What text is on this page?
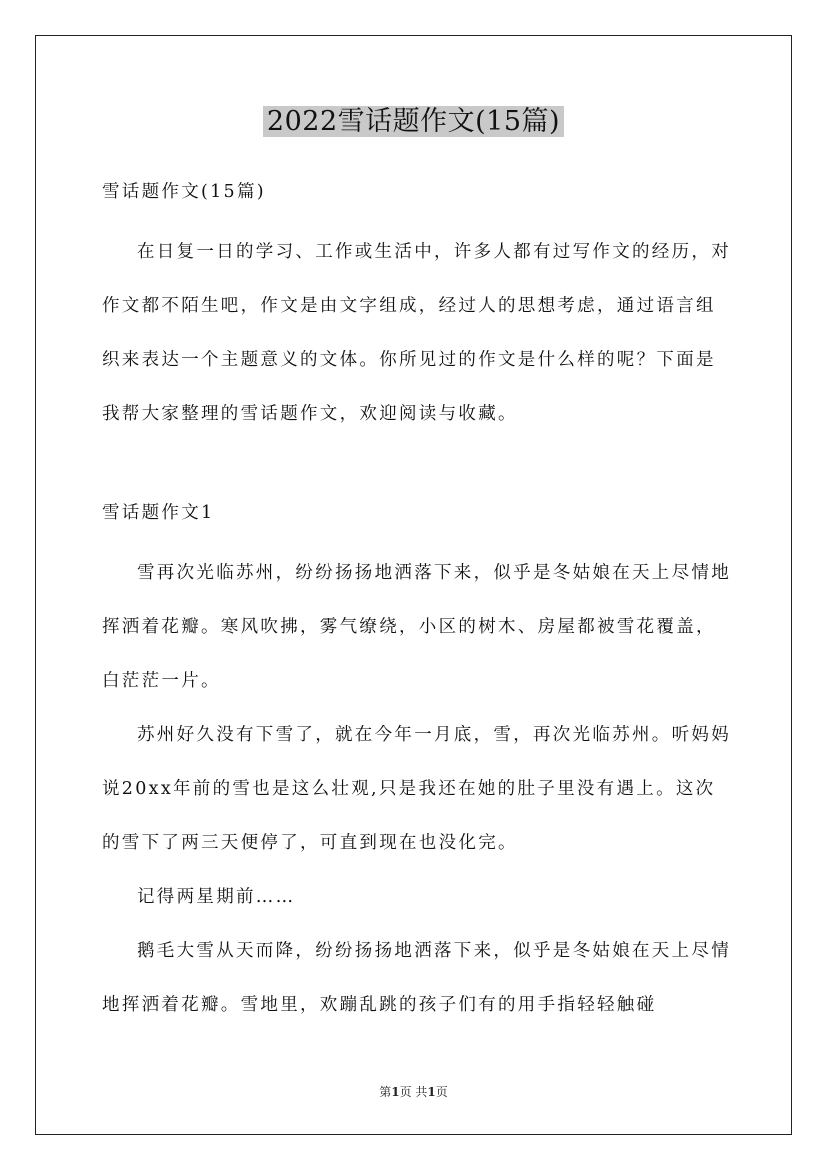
2022雪话题作文(15篇)

雪话题作文(15篇)

在日复一日的学习、工作或生活中，许多人都有过写作文的经历，对作文都不陌生吧，作文是由文字组成，经过人的思想考虑，通过语言组织来表达一个主题意义的文体。你所见过的作文是什么样的呢？下面是我帮大家整理的雪话题作文，欢迎阅读与收藏。

雪话题作文1

雪再次光临苏州，纷纷扬扬地洒落下来，似乎是冬姑娘在天上尽情地挥洒着花瓣。寒风吹拂，雾气缭绕，小区的树木、房屋都被雪花覆盖，白茫茫一片。

苏州好久没有下雪了，就在今年一月底，雪，再次光临苏州。听妈妈说20xx年前的雪也是这么壮观,只是我还在她的肚子里没有遇上。这次的雪下了两三天便停了，可直到现在也没化完。

记得两星期前……

鹅毛大雪从天而降，纷纷扬扬地洒落下来，似乎是冬姑娘在天上尽情地挥洒着花瓣。雪地里，欢蹦乱跳的孩子们有的用手指轻轻触碰

第1页 共1页
